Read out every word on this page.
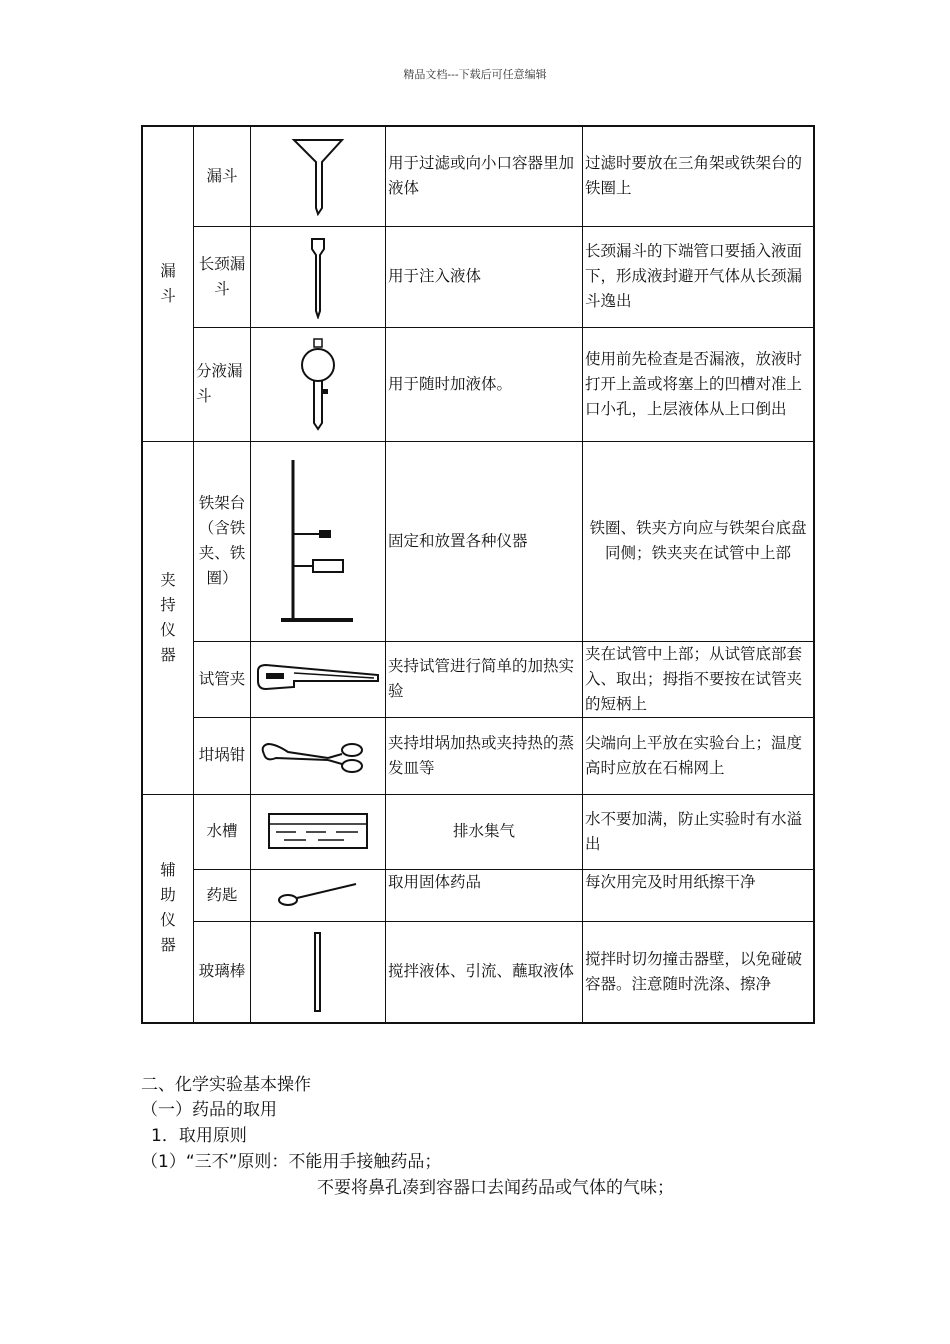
精品文档---下载后可任意编辑
漏斗	漏斗		用于过滤或向小口容器里加液体	过滤时要放在三角架或铁架台的铁圈上
	长颈漏斗		用于注入液体	长颈漏斗的下端管口要插入液面下，形成液封避开气体从长颈漏斗逸出
	分液漏斗		用于随时加液体。	使用前先检查是否漏液，放液时打开上盖或将塞上的凹槽对准上口小孔，上层液体从上口倒出

夹持仪器	铁架台（含铁夹、铁圈）		固定和放置各种仪器	铁圈、铁夹方向应与铁架台底盘同侧；铁夹夹在试管中上部
	试管夹		夹持试管进行简单的加热实验	夹在试管中上部；从试管底部套入、取出；拇指不要按在试管夹的短柄上
	坩埚钳		夹持坩埚加热或夹持热的蒸发皿等	尖端向上平放在实验台上；温度高时应放在石棉网上

辅助仪器	水槽		排水集气	水不要加满，防止实验时有水溢出
	药匙		取用固体药品	每次用完及时用纸擦干净
	玻璃棒		搅拌液体、引流、蘸取液体	搅拌时切勿撞击器壁，以免碰破容器。注意随时洗涤、擦净
二、化学实验基本操作
（一）药品的取用
1．取用原则
（1）“三不”原则：不能用手接触药品；
不要将鼻孔凑到容器口去闻药品或气体的气味；
